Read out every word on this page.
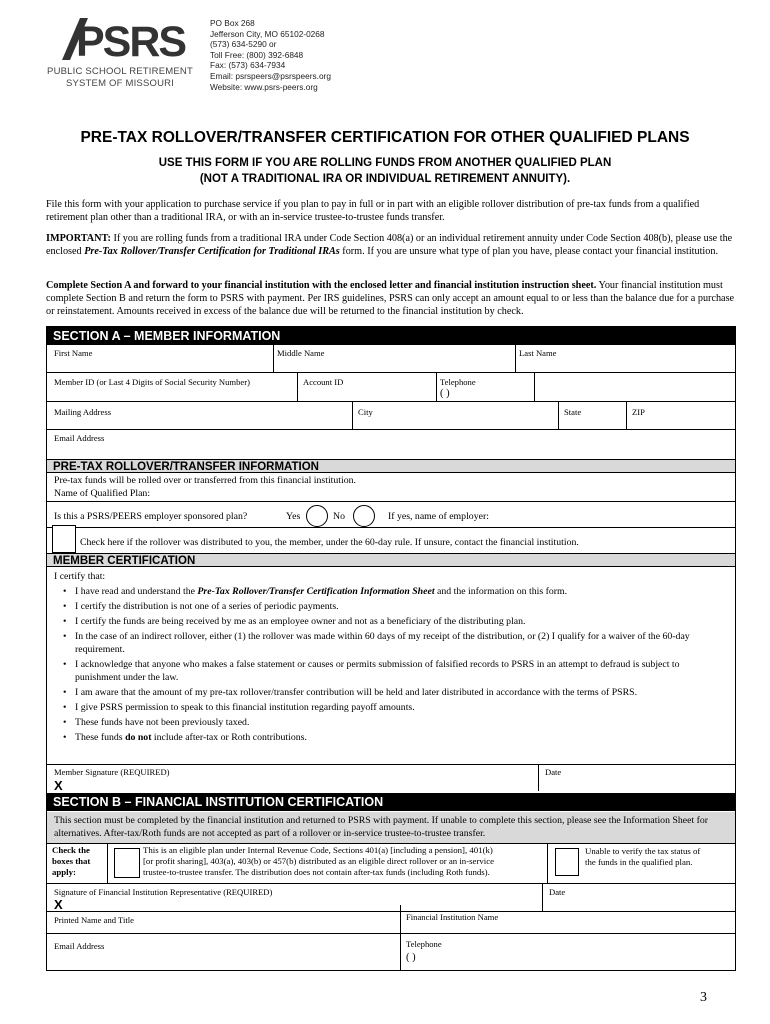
PSRS
PUBLIC SCHOOL RETIREMENT
SYSTEM OF MISSOURI
PO Box 268
Jefferson City, MO 65102-0268
(573) 634-5290 or
Toll Free: (800) 392-6848
Fax: (573) 634-7934
Email: psrspeers@psrspeers.org
Website: www.psrs-peers.org
PRE-TAX ROLLOVER/TRANSFER CERTIFICATION FOR OTHER QUALIFIED PLANS
USE THIS FORM IF YOU ARE ROLLING FUNDS FROM ANOTHER QUALIFIED PLAN
(NOT A TRADITIONAL IRA OR INDIVIDUAL RETIREMENT ANNUITY).
File this form with your application to purchase service if you plan to pay in full or in part with an eligible rollover distribution of pre-tax funds from a qualified retirement plan other than a traditional IRA, or with an in-service trustee-to-trustee funds transfer.
IMPORTANT: If you are rolling funds from a traditional IRA under Code Section 408(a) or an individual retirement annuity under Code Section 408(b), please use the enclosed Pre-Tax Rollover/Transfer Certification for Traditional IRAs form. If you are unsure what type of plan you have, please contact your financial institution.
Complete Section A and forward to your financial institution with the enclosed letter and financial institution instruction sheet. Your financial institution must complete Section B and return the form to PSRS with payment. Per IRS guidelines, PSRS can only accept an amount equal to or less than the balance due for a purchase or reinstatement. Amounts received in excess of the balance due will be returned to the financial institution by check.
SECTION A – MEMBER INFORMATION
First Name	Middle Name	Last Name
Member ID (or Last 4 Digits of Social Security Number)	Account ID	Telephone
( )
Mailing Address	City	State	ZIP
Email Address
PRE-TAX ROLLOVER/TRANSFER INFORMATION
Pre-tax funds will be rolled over or transferred from this financial institution.
Name of Qualified Plan:
Is this a PSRS/PEERS employer sponsored plan?	Yes	No	If yes, name of employer:
Check here if the rollover was distributed to you, the member, under the 60-day rule. If unsure, contact the financial institution.
MEMBER CERTIFICATION
I certify that:
• I have read and understand the Pre-Tax Rollover/Transfer Certification Information Sheet and the information on this form.
• I certify the distribution is not one of a series of periodic payments.
• I certify the funds are being received by me as an employee owner and not as a beneficiary of the distributing plan.
• In the case of an indirect rollover, either (1) the rollover was made within 60 days of my receipt of the distribution, or (2) I qualify for a waiver of the 60-day requirement.
• I acknowledge that anyone who makes a false statement or causes or permits submission of falsified records to PSRS in an attempt to defraud is subject to punishment under the law.
• I am aware that the amount of my pre-tax rollover/transfer contribution will be held and later distributed in accordance with the terms of PSRS.
• I give PSRS permission to speak to this financial institution regarding payoff amounts.
• These funds have not been previously taxed.
• These funds do not include after-tax or Roth contributions.
Member Signature (REQUIRED)
X
Date
SECTION B – FINANCIAL INSTITUTION CERTIFICATION
This section must be completed by the financial institution and returned to PSRS with payment. If unable to complete this section, please see the Information Sheet for alternatives. After-tax/Roth funds are not accepted as part of a rollover or in-service trustee-to-trustee transfer.
Check the
boxes that
apply:
This is an eligible plan under Internal Revenue Code, Sections 401(a) [including a pension], 401(k)
[or profit sharing], 403(a), 403(b) or 457(b) distributed as an eligible direct rollover or an in-service
trustee-to-trustee transfer. The distribution does not contain after-tax funds (including Roth funds).
Unable to verify the tax status of
the funds in the qualified plan.
Signature of Financial Institution Representative (REQUIRED)
X
Date
Printed Name and Title	Financial Institution Name
Email Address	Telephone
( )
3
